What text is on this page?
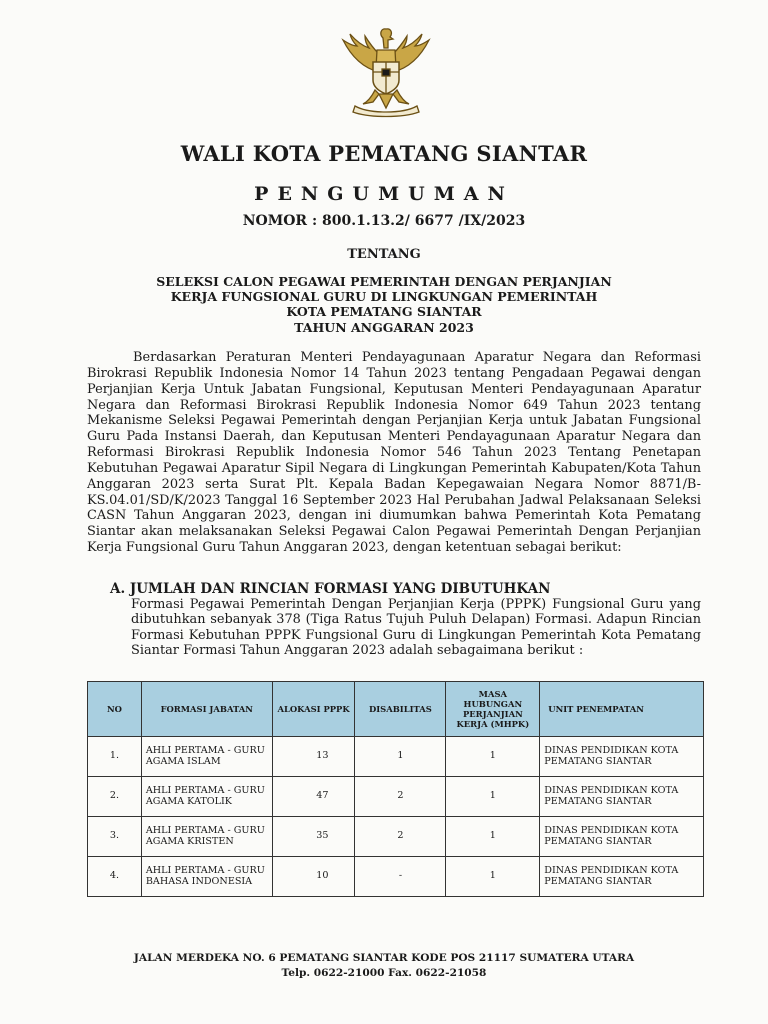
WALI KOTA PEMATANG SIANTAR
PENGUMUMAN
NOMOR : 800.1.13.2/ 6677 /IX/2023
TENTANG
SELEKSI CALON PEGAWAI PEMERINTAH DENGAN PERJANJIAN
KERJA FUNGSIONAL GURU DI LINGKUNGAN PEMERINTAH
KOTA PEMATANG SIANTAR
TAHUN ANGGARAN 2023
Berdasarkan Peraturan Menteri Pendayagunaan Aparatur Negara dan Reformasi Birokrasi Republik Indonesia Nomor 14 Tahun 2023 tentang Pengadaan Pegawai dengan Perjanjian Kerja Untuk Jabatan Fungsional, Keputusan Menteri Pendayagunaan Aparatur Negara dan Reformasi Birokrasi Republik Indonesia Nomor 649 Tahun 2023 tentang Mekanisme Seleksi Pegawai Pemerintah dengan Perjanjian Kerja untuk Jabatan Fungsional Guru Pada Instansi Daerah, dan Keputusan Menteri Pendayagunaan Aparatur Negara dan Reformasi Birokrasi Republik Indonesia Nomor 546 Tahun 2023 Tentang Penetapan Kebutuhan Pegawai Aparatur Sipil Negara di Lingkungan Pemerintah Kabupaten/Kota Tahun Anggaran 2023 serta Surat Plt. Kepala Badan Kepegawaian Negara Nomor 8871/B-KS.04.01/SD/K/2023 Tanggal 16 September 2023 Hal Perubahan Jadwal Pelaksanaan Seleksi CASN Tahun Anggaran 2023, dengan ini diumumkan bahwa Pemerintah Kota Pematang Siantar akan melaksanakan Seleksi Pegawai Calon Pegawai Pemerintah Dengan Perjanjian Kerja Fungsional Guru Tahun Anggaran 2023, dengan ketentuan sebagai berikut:
A. JUMLAH DAN RINCIAN FORMASI YANG DIBUTUHKAN
Formasi Pegawai Pemerintah Dengan Perjanjian Kerja (PPPK) Fungsional Guru yang dibutuhkan sebanyak 378 (Tiga Ratus Tujuh Puluh Delapan) Formasi. Adapun Rincian Formasi Kebutuhan PPPK Fungsional Guru di Lingkungan Pemerintah Kota Pematang Siantar Formasi Tahun Anggaran 2023 adalah sebagaimana berikut :
NO	FORMASI JABATAN	ALOKASI PPPK	DISABILITAS	MASA HUBUNGAN PERJANJIAN KERJA (MHPK)	UNIT PENEMPATAN
1.	AHLI PERTAMA - GURU AGAMA ISLAM	13	1	1	DINAS PENDIDIKAN KOTA PEMATANG SIANTAR
2.	AHLI PERTAMA - GURU AGAMA KATOLIK	47	2	1	DINAS PENDIDIKAN KOTA PEMATANG SIANTAR
3.	AHLI PERTAMA - GURU AGAMA KRISTEN	35	2	1	DINAS PENDIDIKAN KOTA PEMATANG SIANTAR
4.	AHLI PERTAMA - GURU BAHASA INDONESIA	10	-	1	DINAS PENDIDIKAN KOTA PEMATANG SIANTAR
JALAN MERDEKA NO. 6 PEMATANG SIANTAR KODE POS 21117 SUMATERA UTARA
Telp. 0622-21000 Fax. 0622-21058
